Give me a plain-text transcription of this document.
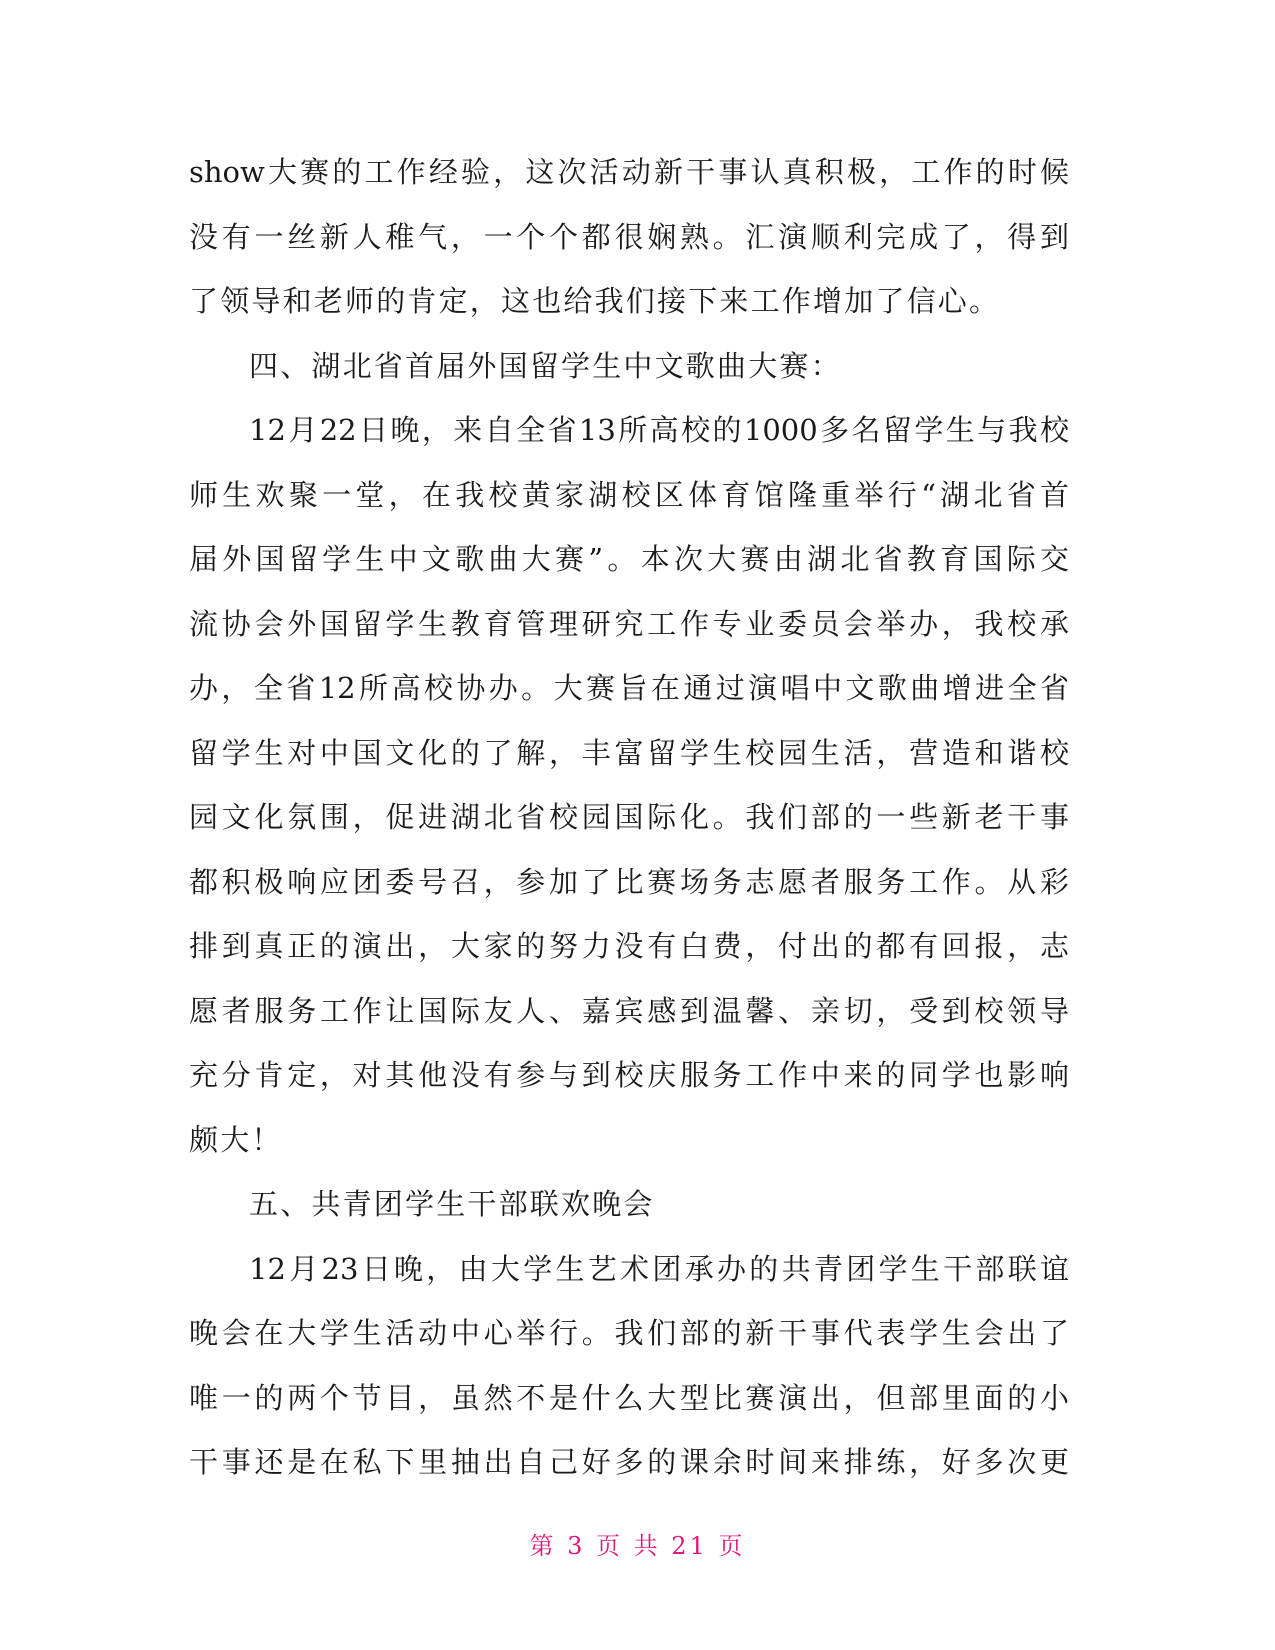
show大赛的工作经验，这次活动新干事认真积极，工作的时候
没有一丝新人稚气，一个个都很娴熟。汇演顺利完成了，得到
了领导和老师的肯定，这也给我们接下来工作增加了信心。
四、湖北省首届外国留学生中文歌曲大赛：
12月22日晚，来自全省13所高校的1000多名留学生与我校
师生欢聚一堂，在我校黄家湖校区体育馆隆重举行“湖北省首
届外国留学生中文歌曲大赛”。本次大赛由湖北省教育国际交
流协会外国留学生教育管理研究工作专业委员会举办，我校承
办，全省12所高校协办。大赛旨在通过演唱中文歌曲增进全省
留学生对中国文化的了解，丰富留学生校园生活，营造和谐校
园文化氛围，促进湖北省校园国际化。我们部的一些新老干事
都积极响应团委号召，参加了比赛场务志愿者服务工作。从彩
排到真正的演出，大家的努力没有白费，付出的都有回报，志
愿者服务工作让国际友人、嘉宾感到温馨、亲切，受到校领导
充分肯定，对其他没有参与到校庆服务工作中来的同学也影响
颇大！
五、共青团学生干部联欢晚会
12月23日晚，由大学生艺术团承办的共青团学生干部联谊
晚会在大学生活动中心举行。我们部的新干事代表学生会出了
唯一的两个节目，虽然不是什么大型比赛演出，但部里面的小
干事还是在私下里抽出自己好多的课余时间来排练，好多次更
第 3 页 共 21 页
